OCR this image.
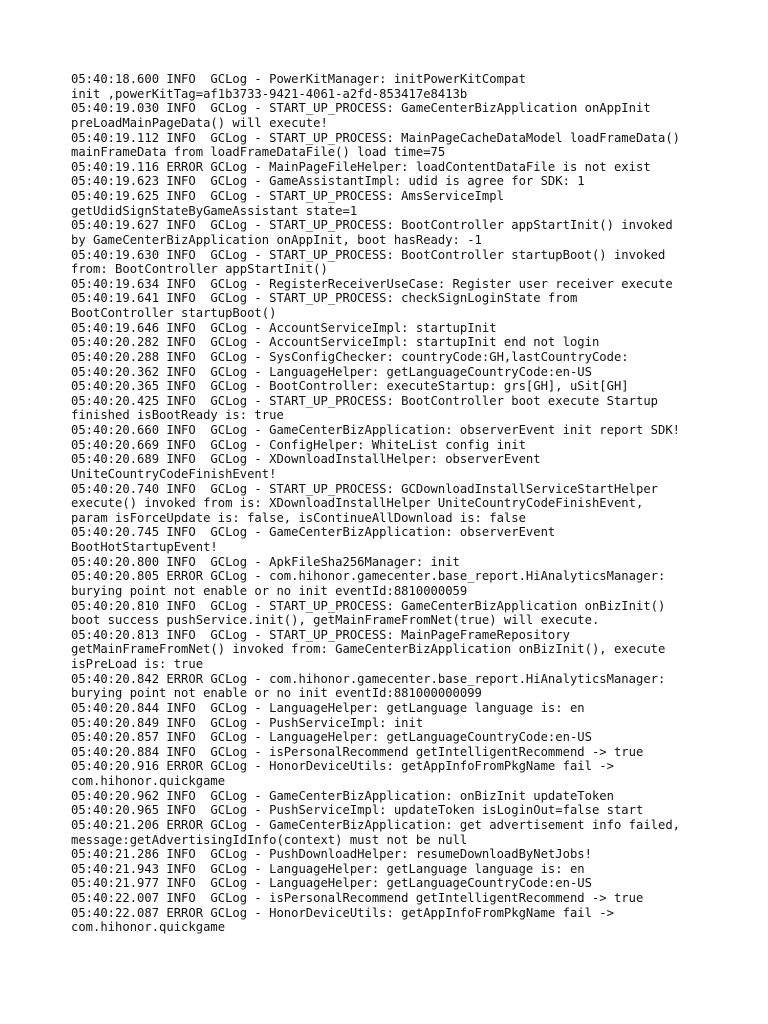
05:40:18.600 INFO  GCLog - PowerKitManager: initPowerKitCompat
init ,powerKitTag=af1b3733-9421-4061-a2fd-853417e8413b
05:40:19.030 INFO  GCLog - START_UP_PROCESS: GameCenterBizApplication onAppInit
preLoadMainPageData() will execute!
05:40:19.112 INFO  GCLog - START_UP_PROCESS: MainPageCacheDataModel loadFrameData()
mainFrameData from loadFrameDataFile() load time=75
05:40:19.116 ERROR GCLog - MainPageFileHelper: loadContentDataFile is not exist
05:40:19.623 INFO  GCLog - GameAssistantImpl: udid is agree for SDK: 1
05:40:19.625 INFO  GCLog - START_UP_PROCESS: AmsServiceImpl
getUdidSignStateByGameAssistant state=1
05:40:19.627 INFO  GCLog - START_UP_PROCESS: BootController appStartInit() invoked
by GameCenterBizApplication onAppInit, boot hasReady: -1
05:40:19.630 INFO  GCLog - START_UP_PROCESS: BootController startupBoot() invoked
from: BootController appStartInit()
05:40:19.634 INFO  GCLog - RegisterReceiverUseCase: Register user receiver execute
05:40:19.641 INFO  GCLog - START_UP_PROCESS: checkSignLoginState from
BootController startupBoot()
05:40:19.646 INFO  GCLog - AccountServiceImpl: startupInit
05:40:20.282 INFO  GCLog - AccountServiceImpl: startupInit end not login
05:40:20.288 INFO  GCLog - SysConfigChecker: countryCode:GH,lastCountryCode:
05:40:20.362 INFO  GCLog - LanguageHelper: getLanguageCountryCode:en-US
05:40:20.365 INFO  GCLog - BootController: executeStartup: grs[GH], uSit[GH]
05:40:20.425 INFO  GCLog - START_UP_PROCESS: BootController boot execute Startup
finished isBootReady is: true
05:40:20.660 INFO  GCLog - GameCenterBizApplication: observerEvent init report SDK!
05:40:20.669 INFO  GCLog - ConfigHelper: WhiteList config init
05:40:20.689 INFO  GCLog - XDownloadInstallHelper: observerEvent
UniteCountryCodeFinishEvent!
05:40:20.740 INFO  GCLog - START_UP_PROCESS: GCDownloadInstallServiceStartHelper
execute() invoked from is: XDownloadInstallHelper UniteCountryCodeFinishEvent,
param isForceUpdate is: false, isContinueAllDownload is: false
05:40:20.745 INFO  GCLog - GameCenterBizApplication: observerEvent
BootHotStartupEvent!
05:40:20.800 INFO  GCLog - ApkFileSha256Manager: init
05:40:20.805 ERROR GCLog - com.hihonor.gamecenter.base_report.HiAnalyticsManager:
burying point not enable or no init eventId:8810000059
05:40:20.810 INFO  GCLog - START_UP_PROCESS: GameCenterBizApplication onBizInit()
boot success pushService.init(), getMainFrameFromNet(true) will execute.
05:40:20.813 INFO  GCLog - START_UP_PROCESS: MainPageFrameRepository
getMainFrameFromNet() invoked from: GameCenterBizApplication onBizInit(), execute
isPreLoad is: true
05:40:20.842 ERROR GCLog - com.hihonor.gamecenter.base_report.HiAnalyticsManager:
burying point not enable or no init eventId:881000000099
05:40:20.844 INFO  GCLog - LanguageHelper: getLanguage language is: en
05:40:20.849 INFO  GCLog - PushServiceImpl: init
05:40:20.857 INFO  GCLog - LanguageHelper: getLanguageCountryCode:en-US
05:40:20.884 INFO  GCLog - isPersonalRecommend getIntelligentRecommend -> true
05:40:20.916 ERROR GCLog - HonorDeviceUtils: getAppInfoFromPkgName fail ->
com.hihonor.quickgame
05:40:20.962 INFO  GCLog - GameCenterBizApplication: onBizInit updateToken
05:40:20.965 INFO  GCLog - PushServiceImpl: updateToken isLoginOut=false start
05:40:21.206 ERROR GCLog - GameCenterBizApplication: get advertisement info failed,
message:getAdvertisingIdInfo(context) must not be null
05:40:21.286 INFO  GCLog - PushDownloadHelper: resumeDownloadByNetJobs!
05:40:21.943 INFO  GCLog - LanguageHelper: getLanguage language is: en
05:40:21.977 INFO  GCLog - LanguageHelper: getLanguageCountryCode:en-US
05:40:22.007 INFO  GCLog - isPersonalRecommend getIntelligentRecommend -> true
05:40:22.087 ERROR GCLog - HonorDeviceUtils: getAppInfoFromPkgName fail ->
com.hihonor.quickgame
